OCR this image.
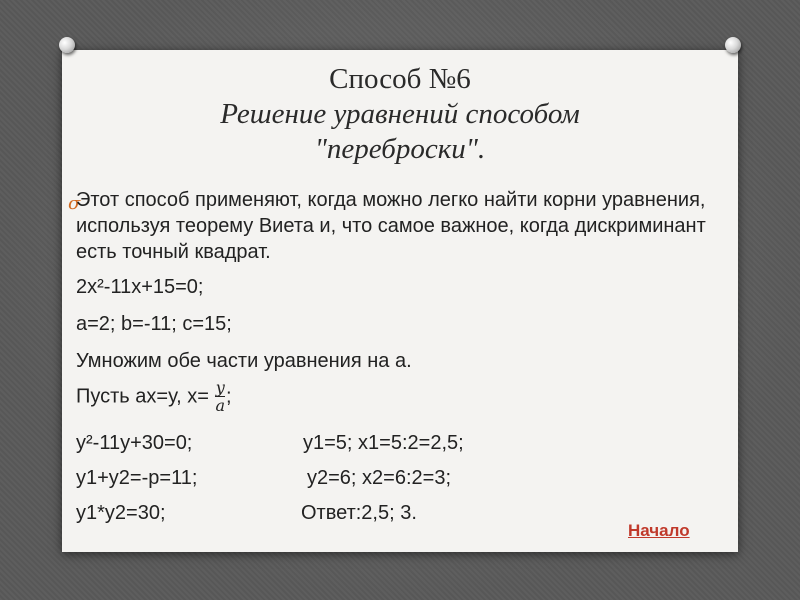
Способ №6
Решение уравнений способом
"переброски".
σ
Этот способ применяют, когда можно легко найти корни уравнения, используя теорему Виета и, что самое важное, когда дискриминант есть точный квадрат.
2x²-11x+15=0;
a=2; b=-11; c=15;
Умножим обе части уравнения на а.
Пусть ах=у, $х= \frac{y}{a}$ ;
у²-11у+30=0;	у1=5; х1=5:2=2,5;
у1+у2=-р=11;	у2=6; х2=6:2=3;
у1*у2=30;	Ответ:2,5; 3.
Начало
